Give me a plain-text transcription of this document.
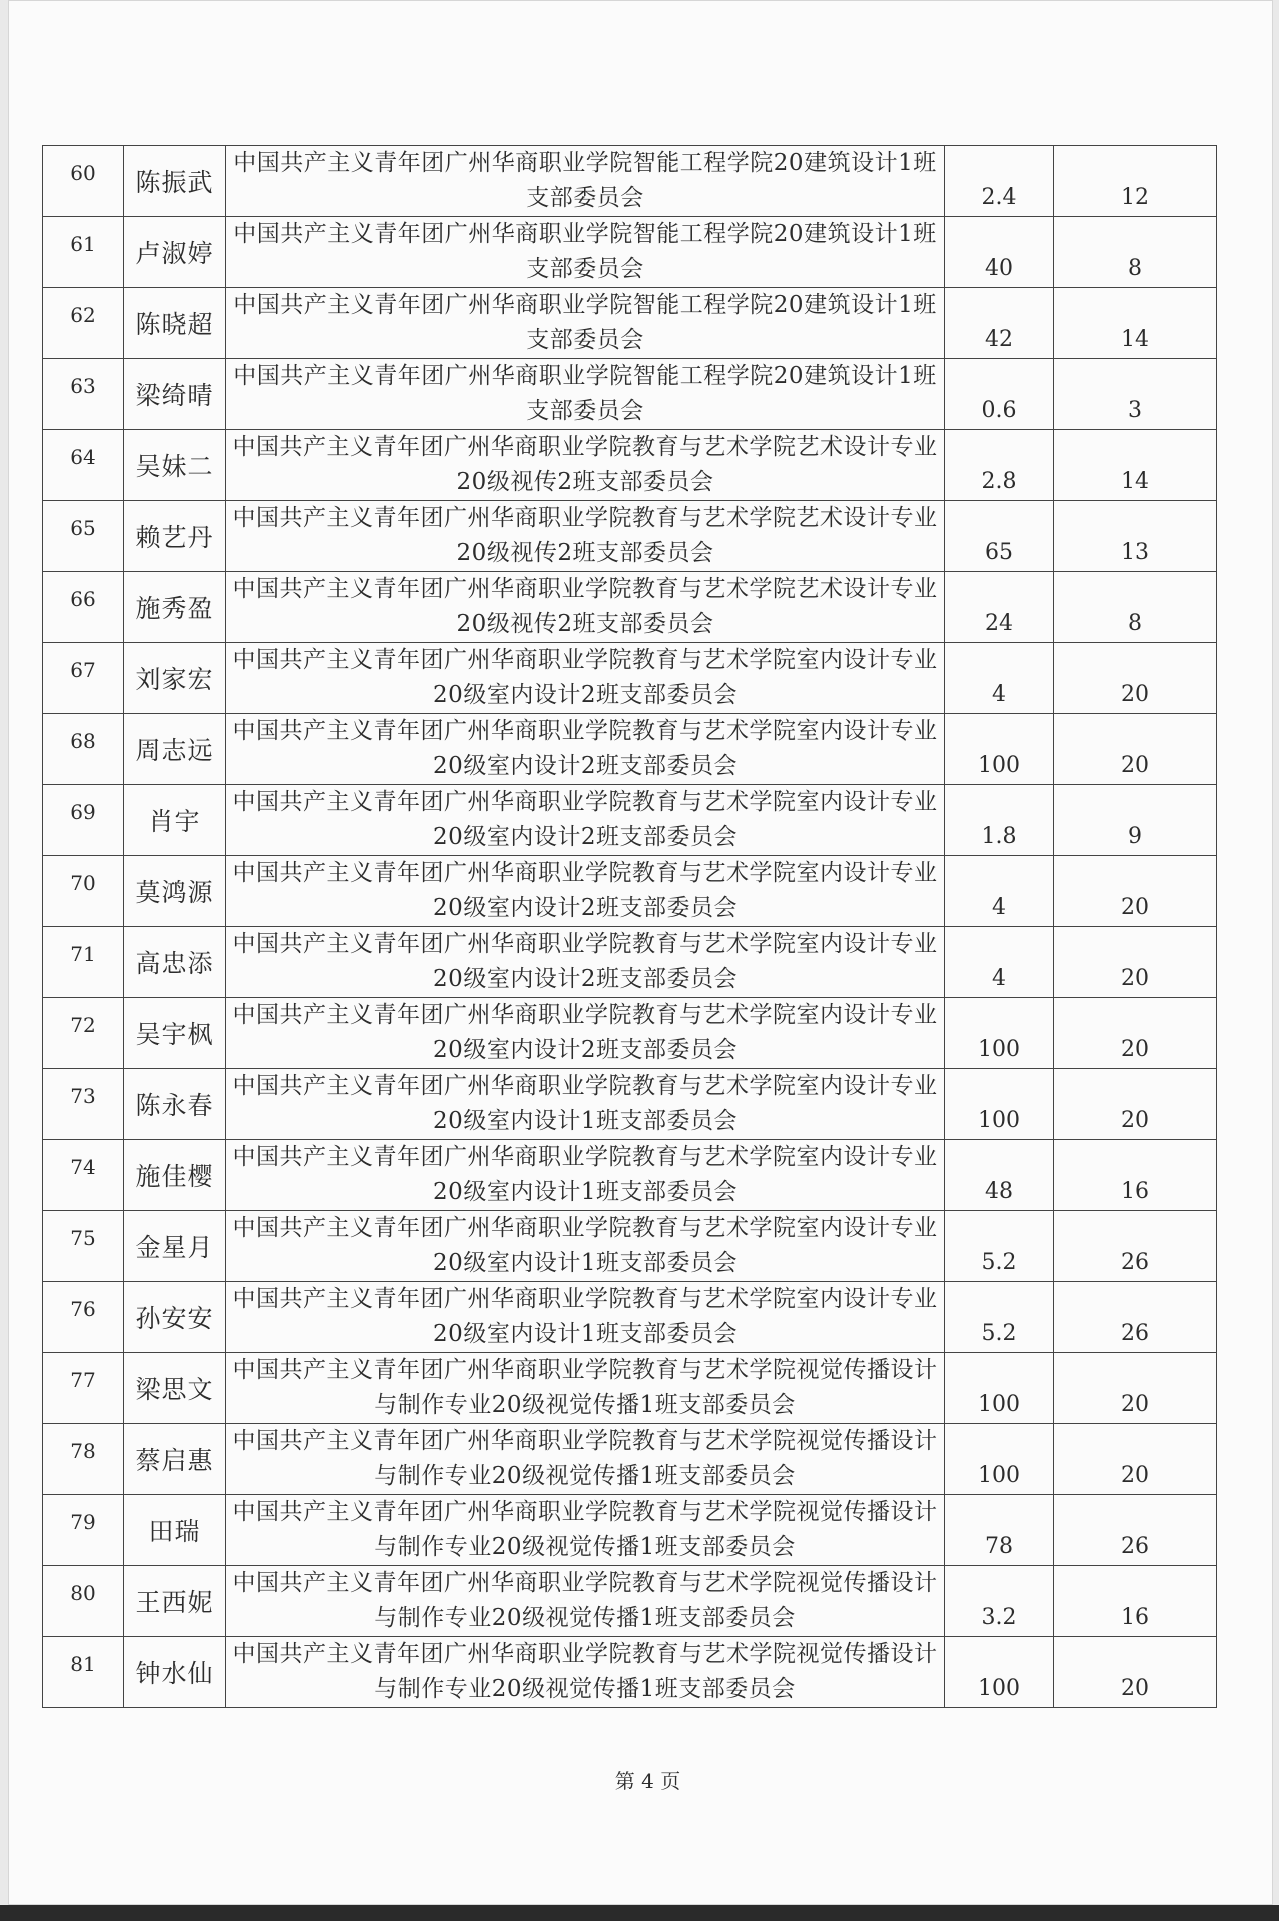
60	陈振武	中国共产主义青年团广州华商职业学院智能工程学院20建筑设计1班支部委员会	2.4	12
61	卢淑婷	中国共产主义青年团广州华商职业学院智能工程学院20建筑设计1班支部委员会	40	8
62	陈晓超	中国共产主义青年团广州华商职业学院智能工程学院20建筑设计1班支部委员会	42	14
63	梁绮晴	中国共产主义青年团广州华商职业学院智能工程学院20建筑设计1班支部委员会	0.6	3
64	吴妹二	中国共产主义青年团广州华商职业学院教育与艺术学院艺术设计专业20级视传2班支部委员会	2.8	14
65	赖艺丹	中国共产主义青年团广州华商职业学院教育与艺术学院艺术设计专业20级视传2班支部委员会	65	13
66	施秀盈	中国共产主义青年团广州华商职业学院教育与艺术学院艺术设计专业20级视传2班支部委员会	24	8
67	刘家宏	中国共产主义青年团广州华商职业学院教育与艺术学院室内设计专业20级室内设计2班支部委员会	4	20
68	周志远	中国共产主义青年团广州华商职业学院教育与艺术学院室内设计专业20级室内设计2班支部委员会	100	20
69	肖宇	中国共产主义青年团广州华商职业学院教育与艺术学院室内设计专业20级室内设计2班支部委员会	1.8	9
70	莫鸿源	中国共产主义青年团广州华商职业学院教育与艺术学院室内设计专业20级室内设计2班支部委员会	4	20
71	高忠添	中国共产主义青年团广州华商职业学院教育与艺术学院室内设计专业20级室内设计2班支部委员会	4	20
72	吴宇枫	中国共产主义青年团广州华商职业学院教育与艺术学院室内设计专业20级室内设计2班支部委员会	100	20
73	陈永春	中国共产主义青年团广州华商职业学院教育与艺术学院室内设计专业20级室内设计1班支部委员会	100	20
74	施佳樱	中国共产主义青年团广州华商职业学院教育与艺术学院室内设计专业20级室内设计1班支部委员会	48	16
75	金星月	中国共产主义青年团广州华商职业学院教育与艺术学院室内设计专业20级室内设计1班支部委员会	5.2	26
76	孙安安	中国共产主义青年团广州华商职业学院教育与艺术学院室内设计专业20级室内设计1班支部委员会	5.2	26
77	梁思文	中国共产主义青年团广州华商职业学院教育与艺术学院视觉传播设计与制作专业20级视觉传播1班支部委员会	100	20
78	蔡启惠	中国共产主义青年团广州华商职业学院教育与艺术学院视觉传播设计与制作专业20级视觉传播1班支部委员会	100	20
79	田瑞	中国共产主义青年团广州华商职业学院教育与艺术学院视觉传播设计与制作专业20级视觉传播1班支部委员会	78	26
80	王西妮	中国共产主义青年团广州华商职业学院教育与艺术学院视觉传播设计与制作专业20级视觉传播1班支部委员会	3.2	16
81	钟水仙	中国共产主义青年团广州华商职业学院教育与艺术学院视觉传播设计与制作专业20级视觉传播1班支部委员会	100	20
第 4 页
